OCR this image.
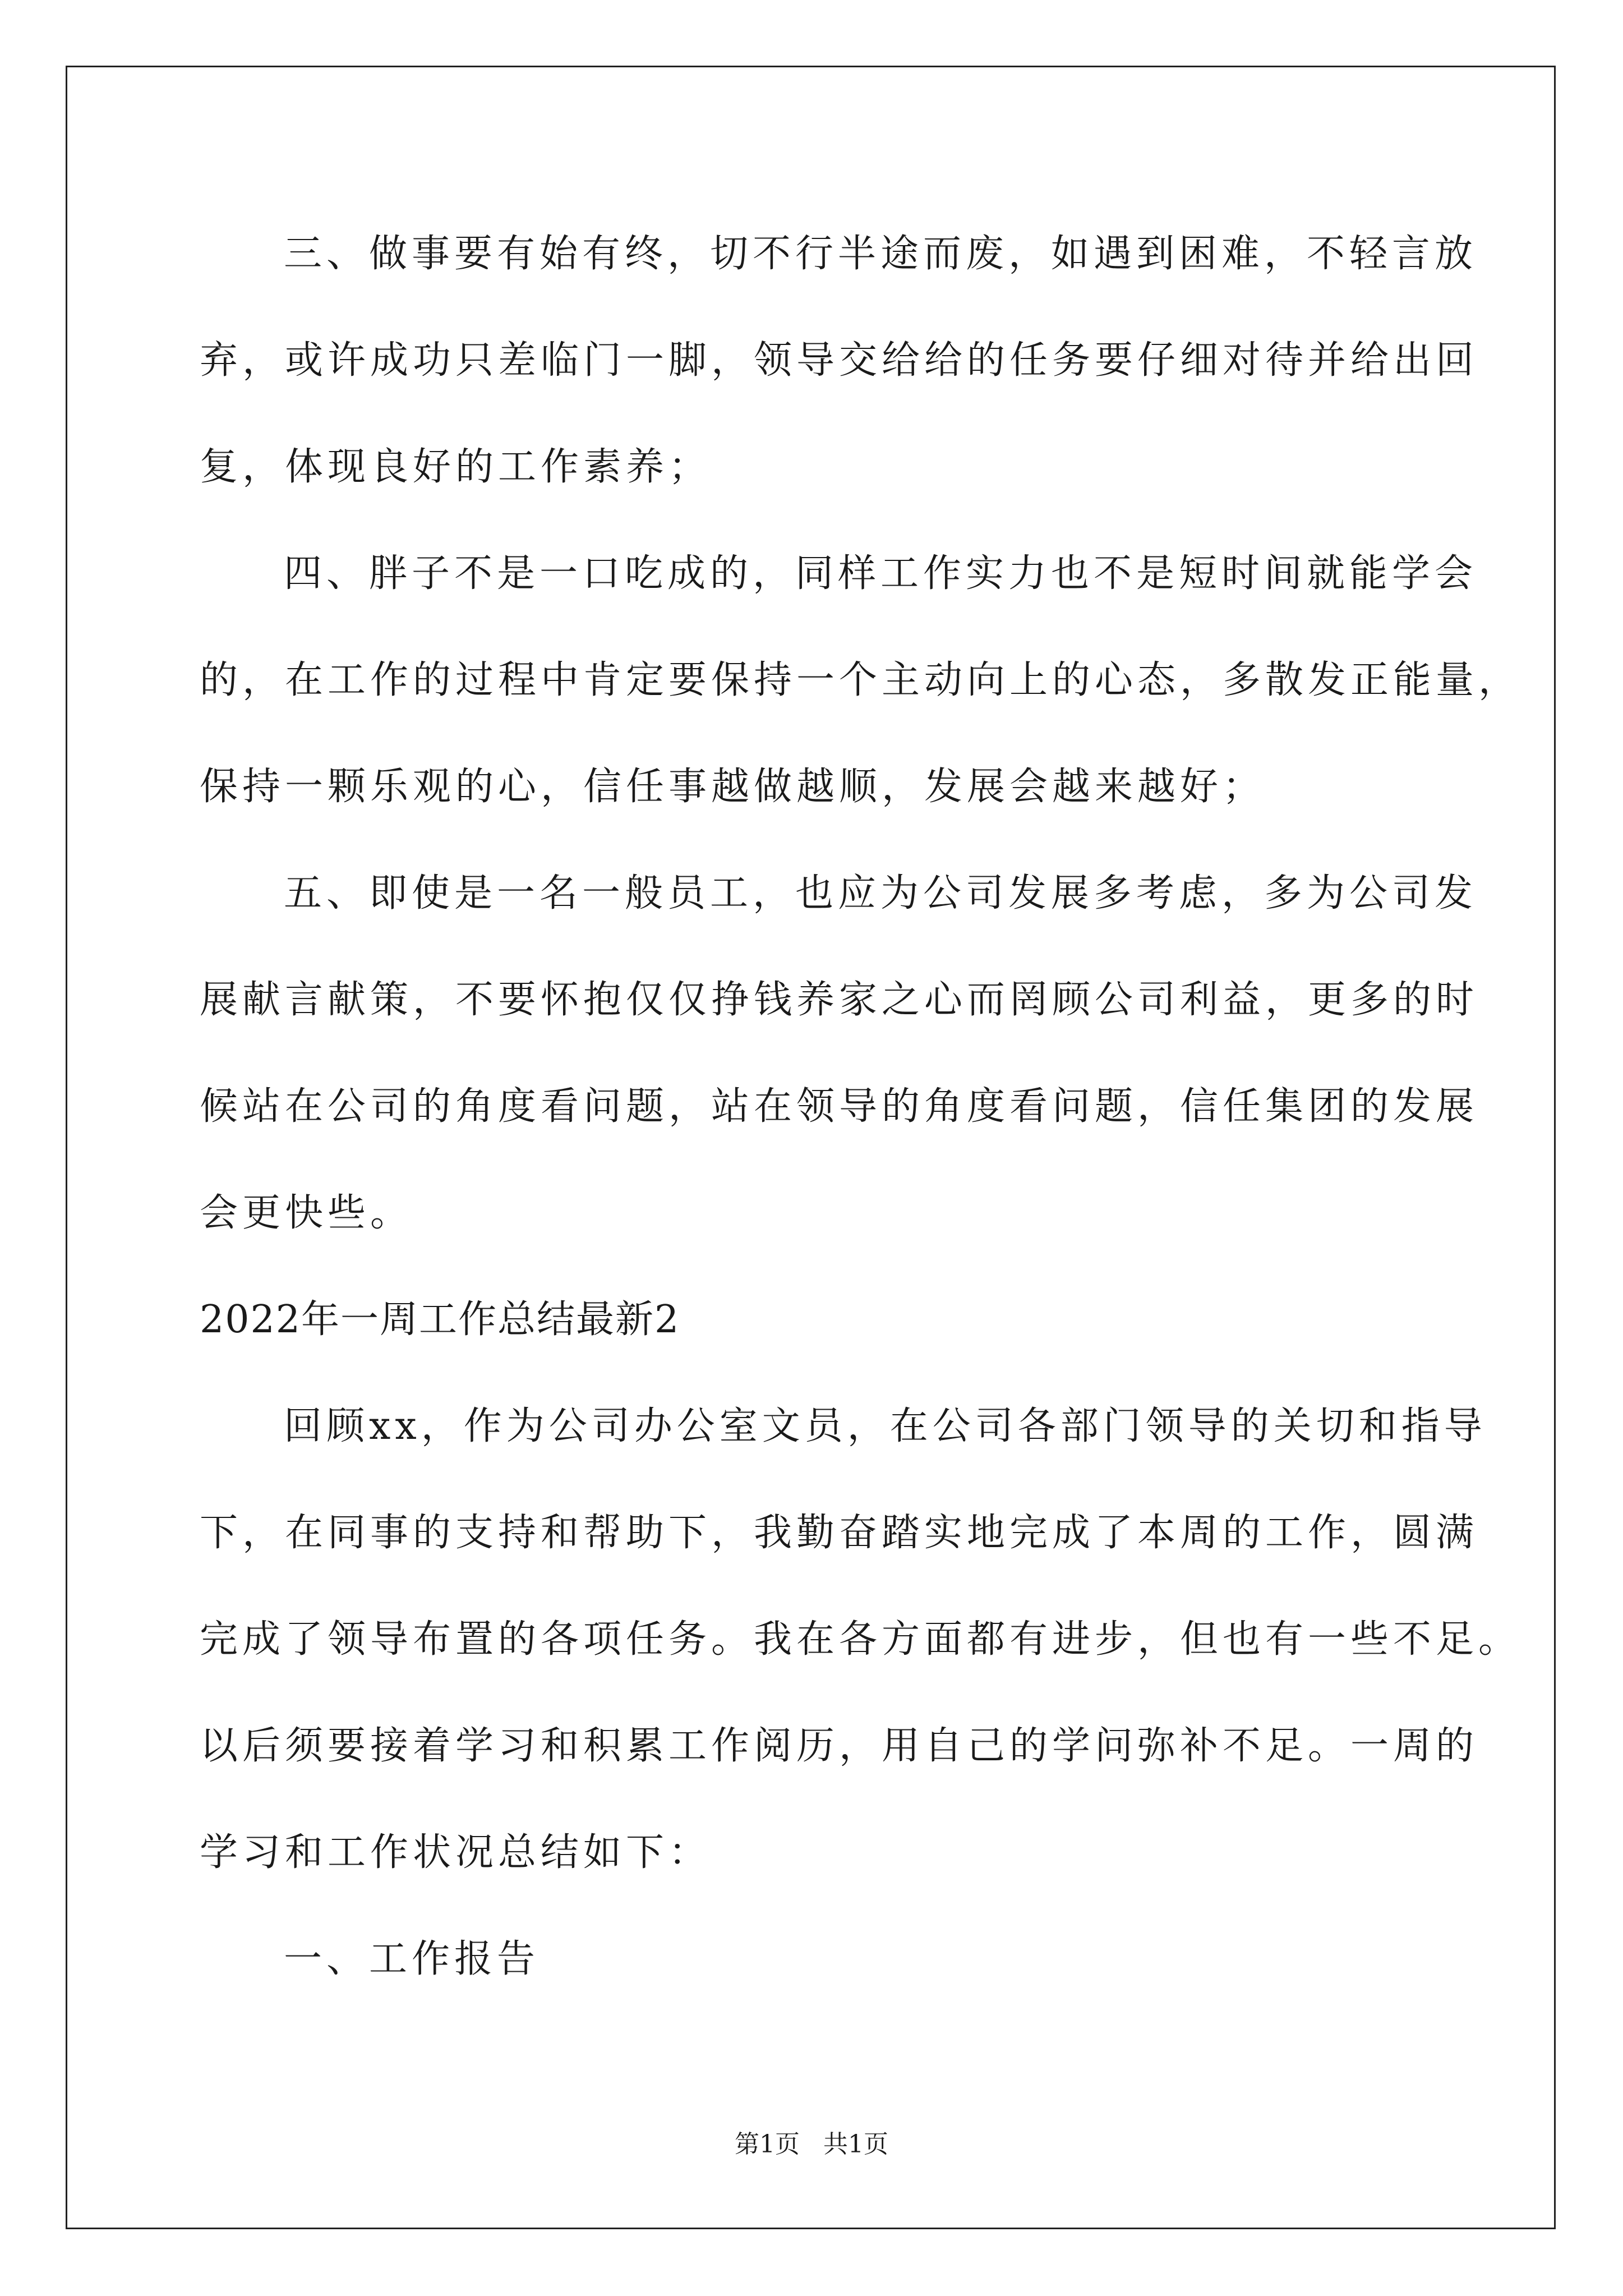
三、做事要有始有终，切不行半途而废，如遇到困难，不轻言放
弃，或许成功只差临门一脚，领导交给给的任务要仔细对待并给出回
复，体现良好的工作素养；
四、胖子不是一口吃成的，同样工作实力也不是短时间就能学会
的，在工作的过程中肯定要保持一个主动向上的心态，多散发正能量，
保持一颗乐观的心，信任事越做越顺，发展会越来越好；
五、即使是一名一般员工，也应为公司发展多考虑，多为公司发
展献言献策，不要怀抱仅仅挣钱养家之心而罔顾公司利益，更多的时
候站在公司的角度看问题，站在领导的角度看问题，信任集团的发展
会更快些。
2022年一周工作总结最新2
回顾xx，作为公司办公室文员，在公司各部门领导的关切和指导
下，在同事的支持和帮助下，我勤奋踏实地完成了本周的工作，圆满
完成了领导布置的各项任务。我在各方面都有进步，但也有一些不足。
以后须要接着学习和积累工作阅历，用自己的学问弥补不足。一周的
学习和工作状况总结如下：
一、工作报告
第1页   共1页
